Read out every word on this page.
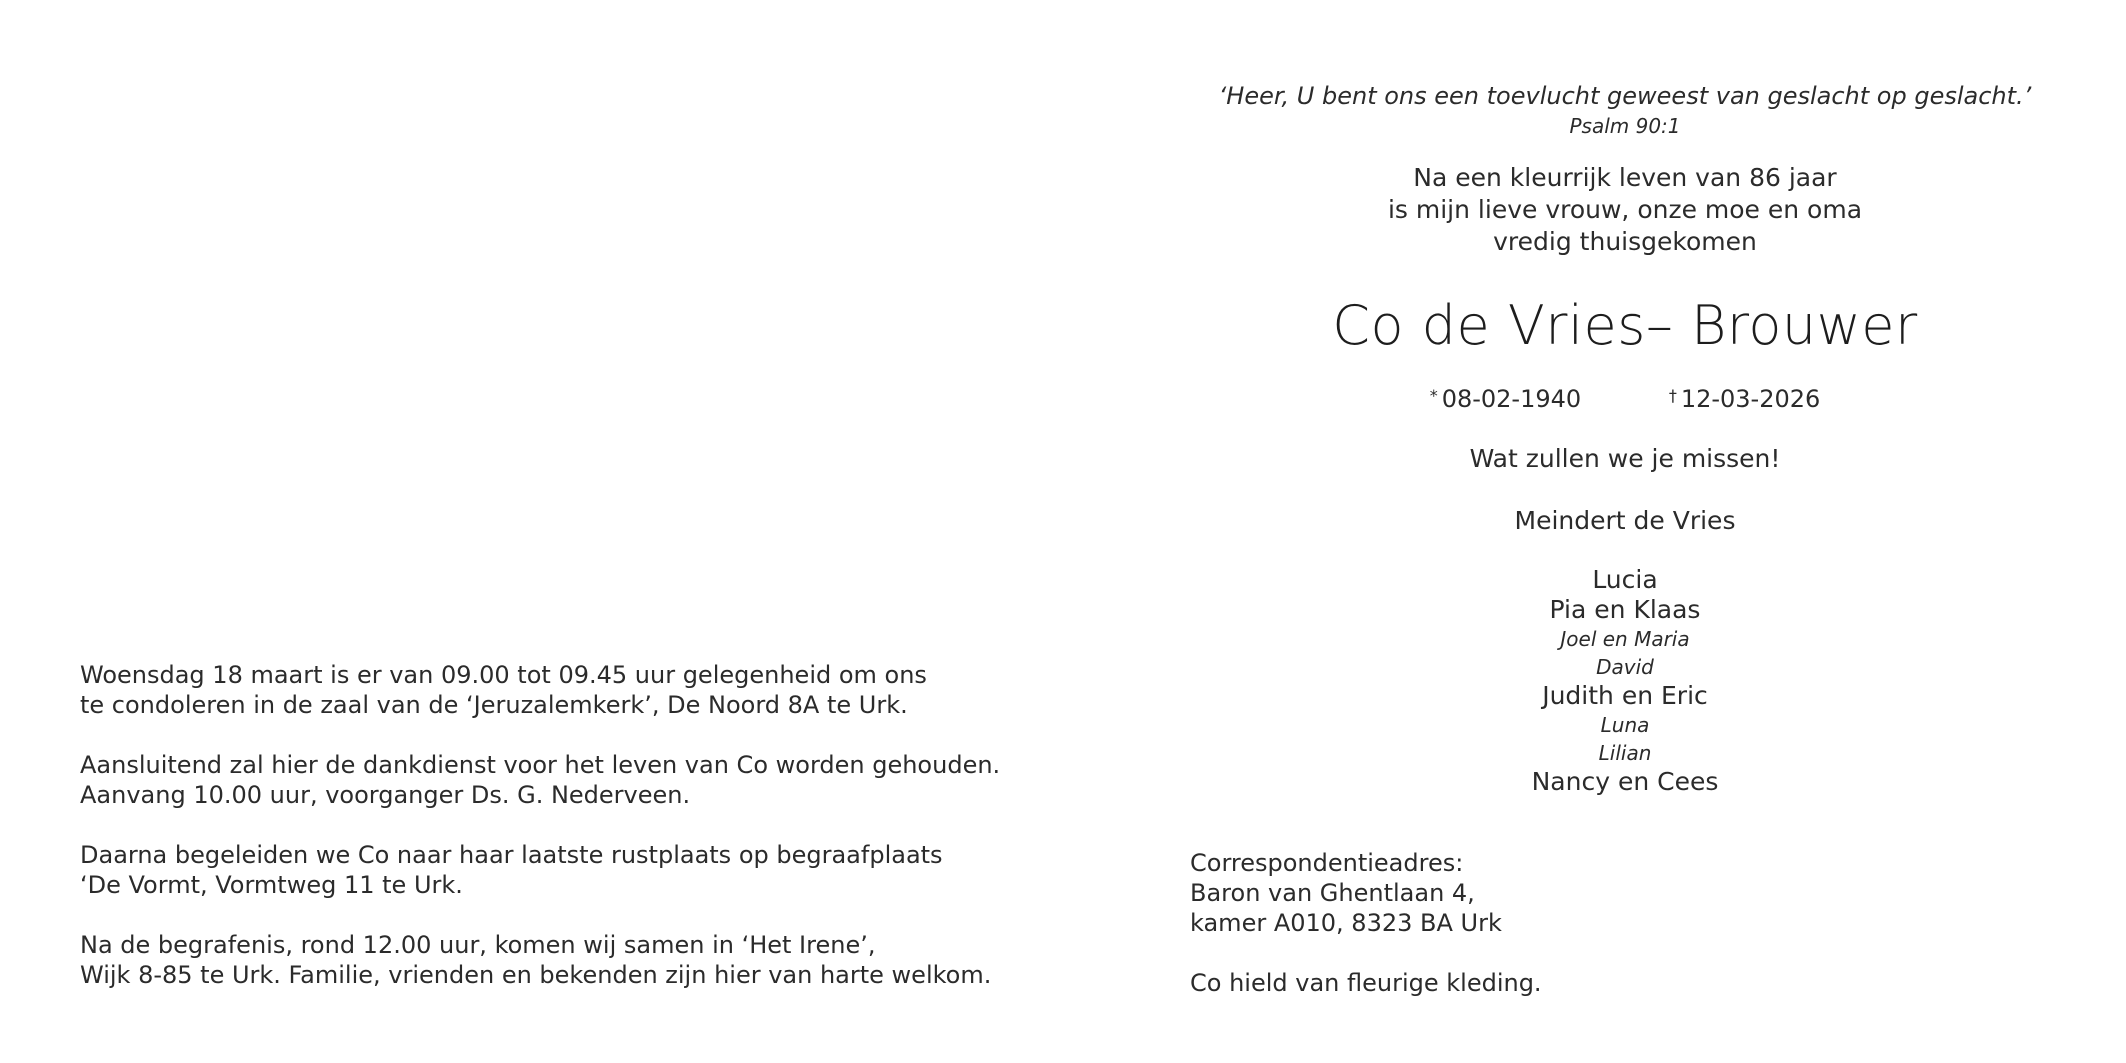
Woensdag 18 maart is er van 09.00 tot 09.45 uur gelegenheid om ons
te condoleren in de zaal van de ‘Jeruzalemkerk’, De Noord 8A te Urk.

Aansluitend zal hier de dankdienst voor het leven van Co worden gehouden.
Aanvang 10.00 uur, voorganger Ds. G. Nederveen.

Daarna begeleiden we Co naar haar laatste rustplaats op begraafplaats
‘De Vormt, Vormtweg 11 te Urk.

Na de begrafenis, rond 12.00 uur, komen wij samen in ‘Het Irene’,
Wijk 8-85 te Urk. Familie, vrienden en bekenden zijn hier van harte welkom.

‘Heer, U bent ons een toevlucht geweest van geslacht op geslacht.’
Psalm 90:1
Na een kleurrijk leven van 86 jaar
is mijn lieve vrouw, onze moe en oma
vredig thuisgekomen
Co de Vries– Brouwer
* 08-02-1940	† 12-03-2026
Wat zullen we je missen!
Meindert de Vries
Lucia
Pia en Klaas
Joel en Maria
David
Judith en Eric
Luna
Lilian
Nancy en Cees
Correspondentieadres:
Baron van Ghentlaan 4,
kamer A010, 8323 BA Urk
Co hield van fleurige kleding.
